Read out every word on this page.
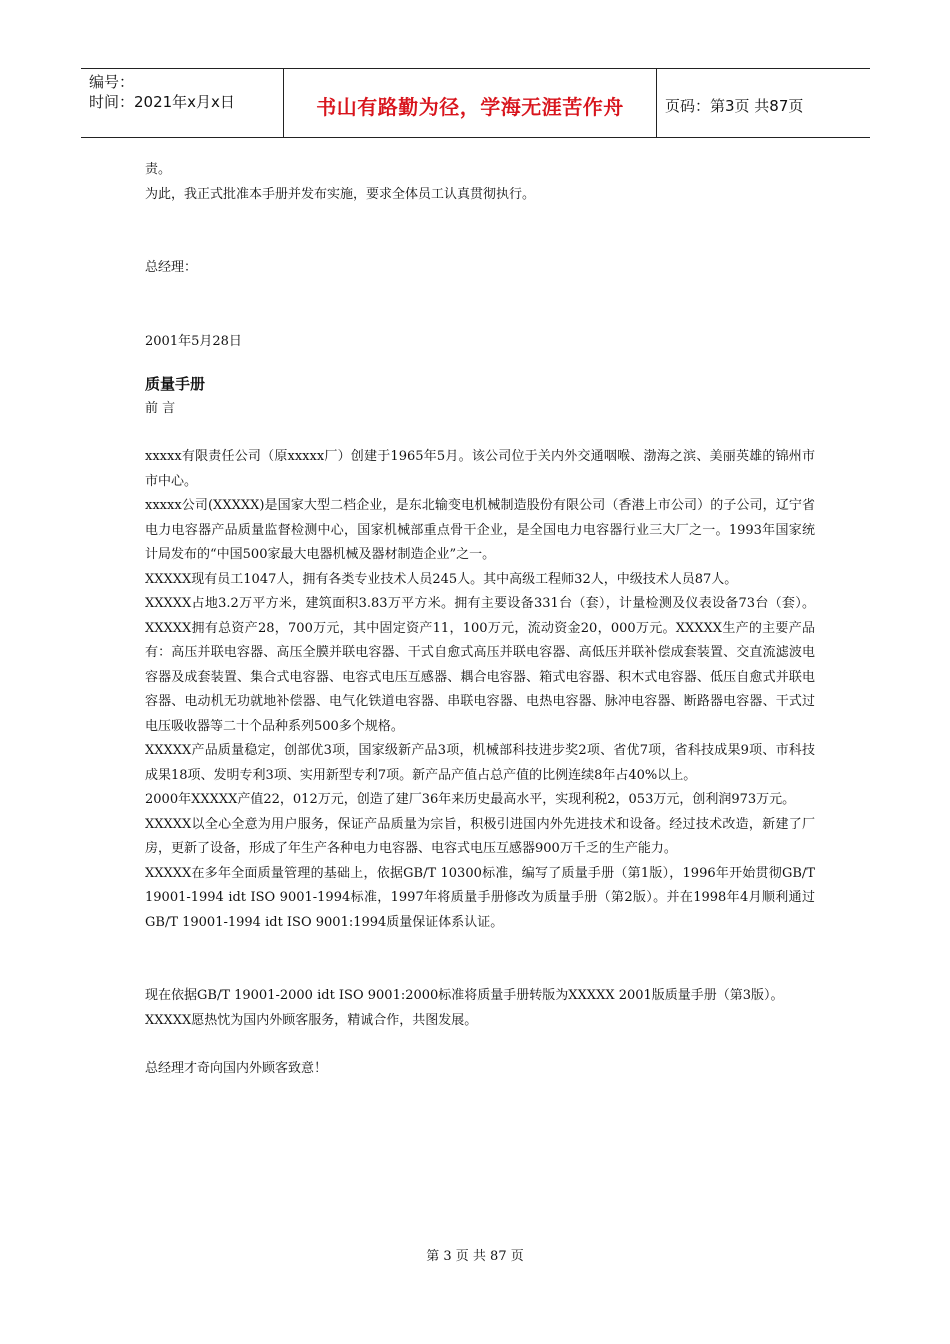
编号：
时间：2021年x月x日	书山有路勤为径，学海无涯苦作舟	页码：第3页 共87页

责。

为此，我正式批准本手册并发布实施，要求全体员工认真贯彻执行。

总经理：

2001年5月28日

质量手册

前 言

xxxxx有限责任公司（原xxxxx厂）创建于1965年5月。该公司位于关内外交通咽喉、渤海之滨、美丽英雄的锦州市市中心。

xxxxx公司(XXXXX)是国家大型二档企业，是东北输变电机械制造股份有限公司（香港上市公司）的子公司，辽宁省电力电容器产品质量监督检测中心，国家机械部重点骨干企业，是全国电力电容器行业三大厂之一。1993年国家统计局发布的“中国500家最大电器机械及器材制造企业”之一。

XXXXX现有员工1047人，拥有各类专业技术人员245人。其中高级工程师32人，中级技术人员87人。

XXXXX占地3.2万平方米，建筑面积3.83万平方米。拥有主要设备331台（套），计量检测及仪表设备73台（套）。XXXXX拥有总资产28，700万元，其中固定资产11，100万元，流动资金20，000万元。XXXXX生产的主要产品有：高压并联电容器、高压全膜并联电容器、干式自愈式高压并联电容器、高低压并联补偿成套装置、交直流滤波电容器及成套装置、集合式电容器、电容式电压互感器、耦合电容器、箱式电容器、积木式电容器、低压自愈式并联电容器、电动机无功就地补偿器、电气化铁道电容器、串联电容器、电热电容器、脉冲电容器、断路器电容器、干式过电压吸收器等二十个品种系列500多个规格。

XXXXX产品质量稳定，创部优3项，国家级新产品3项，机械部科技进步奖2项、省优7项，省科技成果9项、市科技成果18项、发明专利3项、实用新型专利7项。新产品产值占总产值的比例连续8年占40%以上。

2000年XXXXX产值22，012万元，创造了建厂36年来历史最高水平，实现利税2，053万元，创利润973万元。

XXXXX以全心全意为用户服务，保证产品质量为宗旨，积极引进国内外先进技术和设备。经过技术改造，新建了厂房，更新了设备，形成了年生产各种电力电容器、电容式电压互感器900万千乏的生产能力。

XXXXX在多年全面质量管理的基础上，依据GB/T 10300标准，编写了质量手册（第1版），1996年开始贯彻GB/T 19001-1994 idt ISO 9001-1994标准，1997年将质量手册修改为质量手册（第2版）。并在1998年4月顺利通过GB/T 19001-1994 idt ISO 9001:1994质量保证体系认证。

现在依据GB/T 19001-2000 idt ISO 9001:2000标准将质量手册转版为XXXXX 2001版质量手册（第3版）。

XXXXX愿热忱为国内外顾客服务，精诚合作，共图发展。

总经理才奇向国内外顾客致意！

第 3 页 共 87 页
